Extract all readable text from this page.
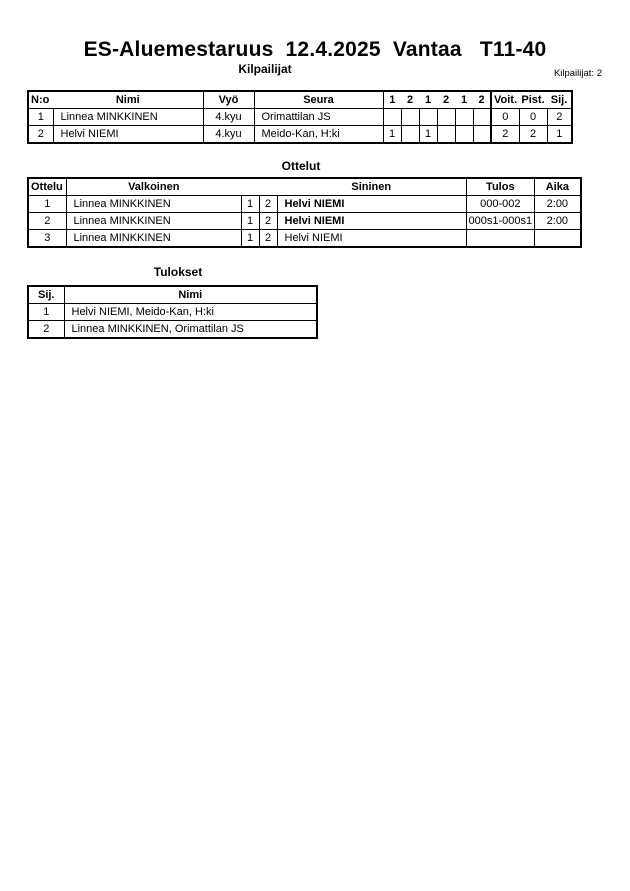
ES-Aluemestaruus  12.4.2025  Vantaa   T11-40
Kilpailijat	Kilpailijat: 2
N:o	Nimi	Vyö	Seura	1	2	1	2	1	2	Voit.	Pist.	Sij.
1	Linnea MINKKINEN	4.kyu	Orimattilan JS							0	0	2
2	Helvi NIEMI	4.kyu	Meido-Kan, H:ki	1		1				2	2	1
Ottelut
Ottelu	Valkoinen			Sininen	Tulos	Aika
1	Linnea MINKKINEN	1	2	Helvi NIEMI	000-002	2:00
2	Linnea MINKKINEN	1	2	Helvi NIEMI	000s1-000s1	2:00
3	Linnea MINKKINEN	1	2	Helvi NIEMI		
Tulokset
Sij.	Nimi
1	Helvi NIEMI, Meido-Kan, H:ki
2	Linnea MINKKINEN, Orimattilan JS
